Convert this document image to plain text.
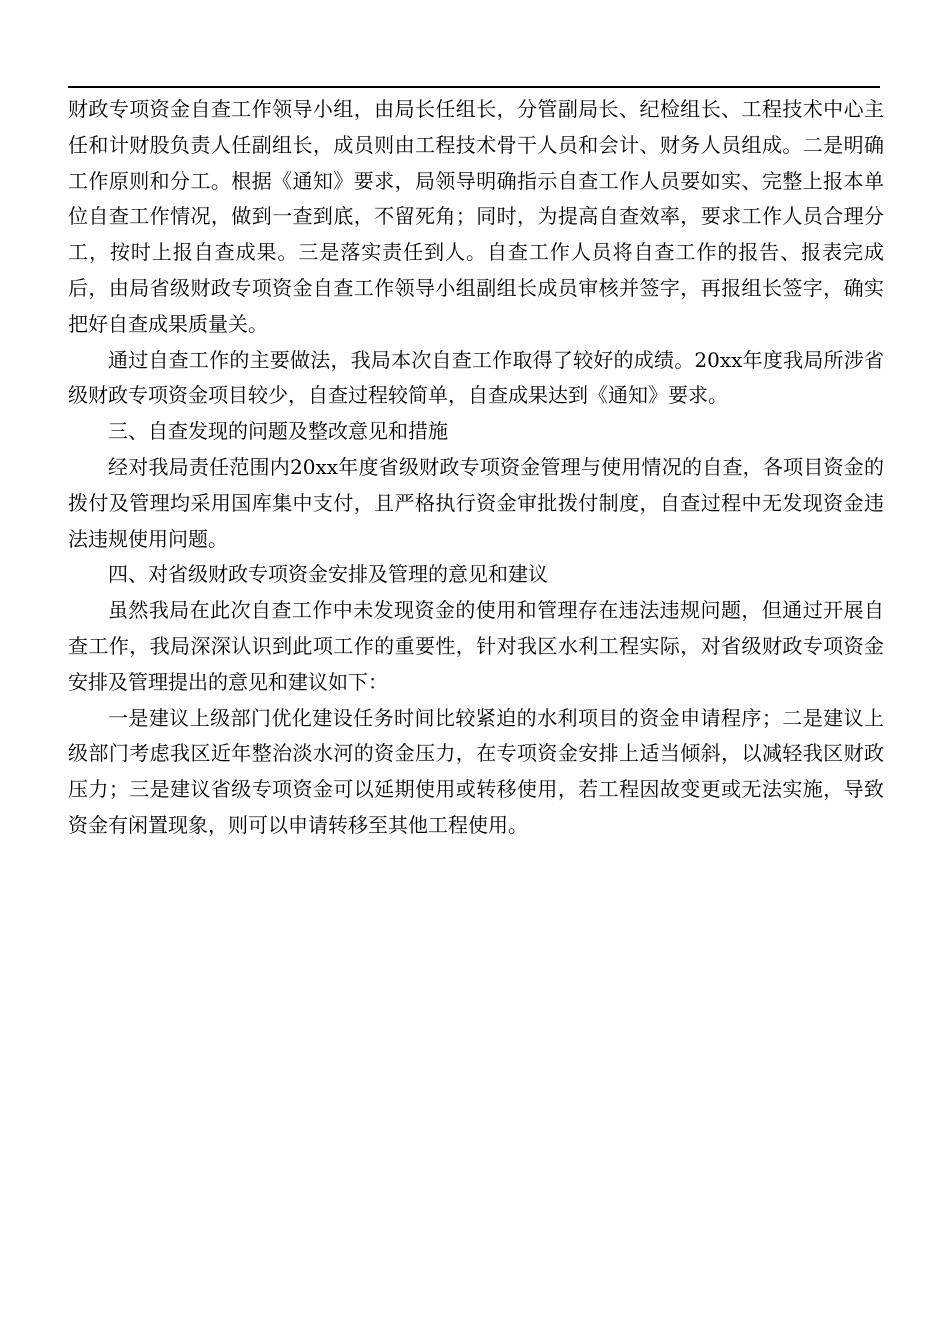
财政专项资金自查工作领导小组，由局长任组长，分管副局长、纪检组长、工程技术中心主任和计财股负责人任副组长，成员则由工程技术骨干人员和会计、财务人员组成。二是明确工作原则和分工。根据《通知》要求，局领导明确指示自查工作人员要如实、完整上报本单位自查工作情况，做到一查到底，不留死角；同时，为提高自查效率，要求工作人员合理分工，按时上报自查成果。三是落实责任到人。自查工作人员将自查工作的报告、报表完成后，由局省级财政专项资金自查工作领导小组副组长成员审核并签字，再报组长签字，确实把好自查成果质量关。

通过自查工作的主要做法，我局本次自查工作取得了较好的成绩。20xx年度我局所涉省级财政专项资金项目较少，自查过程较简单，自查成果达到《通知》要求。

三、自查发现的问题及整改意见和措施

经对我局责任范围内20xx年度省级财政专项资金管理与使用情况的自查，各项目资金的拨付及管理均采用国库集中支付，且严格执行资金审批拨付制度，自查过程中无发现资金违法违规使用问题。

四、对省级财政专项资金安排及管理的意见和建议

虽然我局在此次自查工作中未发现资金的使用和管理存在违法违规问题，但通过开展自查工作，我局深深认识到此项工作的重要性，针对我区水利工程实际，对省级财政专项资金安排及管理提出的意见和建议如下：

一是建议上级部门优化建设任务时间比较紧迫的水利项目的资金申请程序；二是建议上级部门考虑我区近年整治淡水河的资金压力，在专项资金安排上适当倾斜，以减轻我区财政压力；三是建议省级专项资金可以延期使用或转移使用，若工程因故变更或无法实施，导致资金有闲置现象，则可以申请转移至其他工程使用。
